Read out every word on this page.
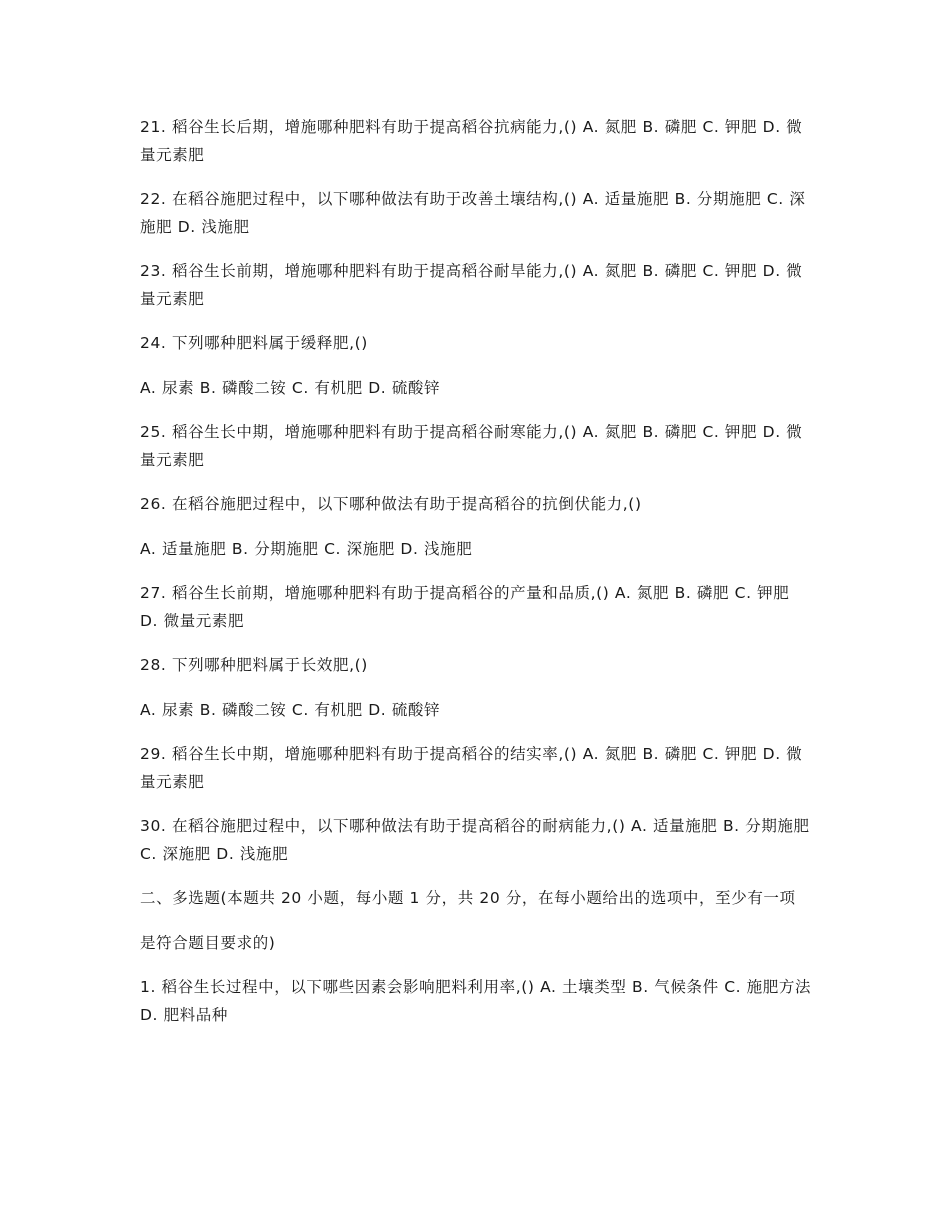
21. 稻谷生长后期，增施哪种肥料有助于提高稻谷抗病能力,() A. 氮肥 B. 磷肥 C. 钾肥 D. 微量元素肥

22. 在稻谷施肥过程中，以下哪种做法有助于改善土壤结构,() A. 适量施肥 B. 分期施肥 C. 深施肥 D. 浅施肥

23. 稻谷生长前期，增施哪种肥料有助于提高稻谷耐旱能力,() A. 氮肥 B. 磷肥 C. 钾肥 D. 微量元素肥

24. 下列哪种肥料属于缓释肥,()

A. 尿素 B. 磷酸二铵 C. 有机肥 D. 硫酸锌

25. 稻谷生长中期，增施哪种肥料有助于提高稻谷耐寒能力,() A. 氮肥 B. 磷肥 C. 钾肥 D. 微量元素肥

26. 在稻谷施肥过程中，以下哪种做法有助于提高稻谷的抗倒伏能力,()

A. 适量施肥 B. 分期施肥 C. 深施肥 D. 浅施肥

27. 稻谷生长前期，增施哪种肥料有助于提高稻谷的产量和品质,() A. 氮肥 B. 磷肥 C. 钾肥 D. 微量元素肥

28. 下列哪种肥料属于长效肥,()

A. 尿素 B. 磷酸二铵 C. 有机肥 D. 硫酸锌

29. 稻谷生长中期，增施哪种肥料有助于提高稻谷的结实率,() A. 氮肥 B. 磷肥 C. 钾肥 D. 微量元素肥

30. 在稻谷施肥过程中，以下哪种做法有助于提高稻谷的耐病能力,() A. 适量施肥 B. 分期施肥 C. 深施肥 D. 浅施肥

二、多选题(本题共 20 小题，每小题 1 分，共 20 分，在每小题给出的选项中，至少有一项

是符合题目要求的)

1. 稻谷生长过程中，以下哪些因素会影响肥料利用率,() A. 土壤类型 B. 气候条件 C. 施肥方法 D. 肥料品种
